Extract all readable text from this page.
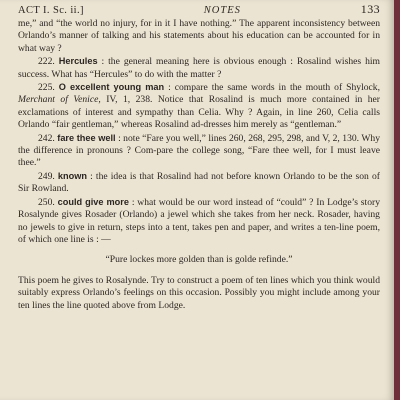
ACT I. Sc. ii.]	NOTES	133

me,” and “the world no injury, for in it I have nothing.” The apparent inconsistency between Orlando’s manner of talking and his statements about his education can be accounted for in what way ?

222. Hercules : the general meaning here is obvious enough : Rosalind wishes him success. What has “Hercules” to do with the matter ?

225. O excellent young man : compare the same words in the mouth of Shylock, Merchant of Venice, IV, 1, 238. Notice that Rosalind is much more contained in her exclamations of interest and sympathy than Celia. Why ? Again, in line 260, Celia calls Orlando “fair gentleman,” whereas Rosalind ad-dresses him merely as “gentleman.”

242. fare thee well : note “Fare you well,” lines 260, 268, 295, 298, and V, 2, 130. Why the difference in pronouns ? Com-pare the college song, “Fare thee well, for I must leave thee.”

249. known : the idea is that Rosalind had not before known Orlando to be the son of Sir Rowland.

250. could give more : what would be our word instead of “could” ? In Lodge’s story Rosalynde gives Rosader (Orlando) a jewel which she takes from her neck. Rosader, having no jewels to give in return, steps into a tent, takes pen and paper, and writes a ten-line poem, of which one line is : —

“Pure lockes more golden than is golde refinde.”

This poem he gives to Rosalynde. Try to construct a poem of ten lines which you think would suitably express Orlando’s feelings on this occasion. Possibly you might include among your ten lines the line quoted above from Lodge.
